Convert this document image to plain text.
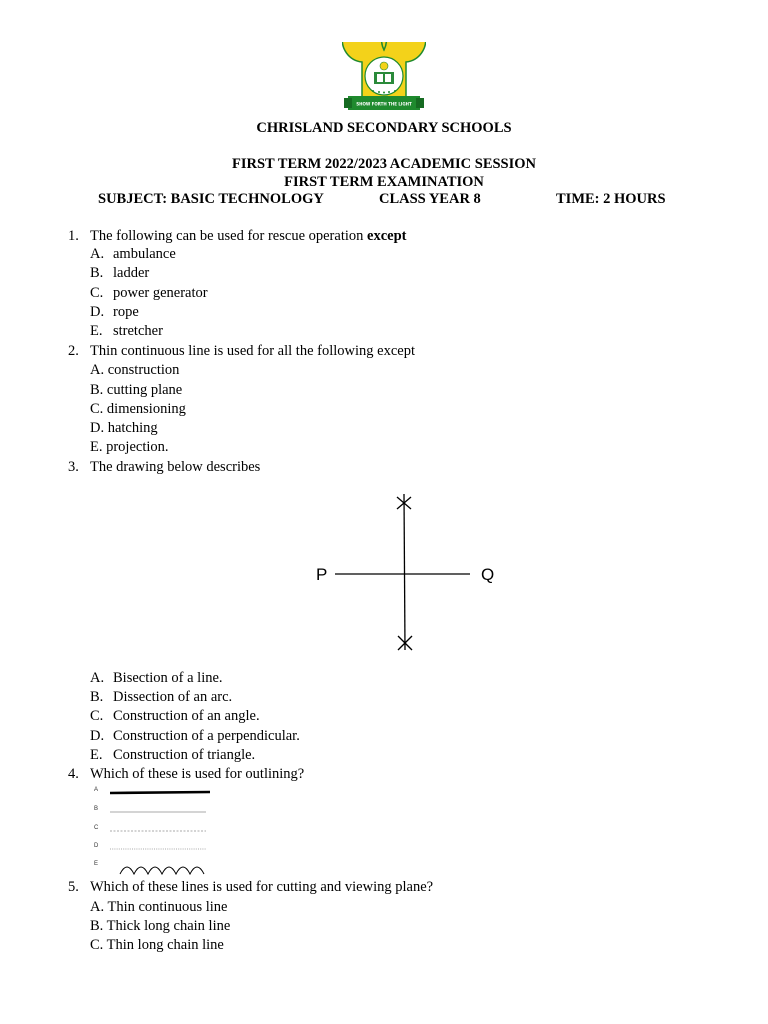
SHOW FORTH THE LIGHT
CHRISLAND SECONDARY SCHOOLS
FIRST TERM 2022/2023 ACADEMIC SESSION
FIRST TERM EXAMINATION
SUBJECT: BASIC TECHNOLOGY	CLASS YEAR 8	TIME: 2 HOURS
1. The following can be used for rescue operation except
A. ambulance
B. ladder
C. power generator
D. rope
E. stretcher
2. Thin continuous line is used for all the following except
A. construction
B. cutting plane
C. dimensioning
D. hatching
E. projection.
3. The drawing below describes
P	Q
A. Bisection of a line.
B. Dissection of an arc.
C. Construction of an angle.
D. Construction of a perpendicular.
E. Construction of triangle.
4. Which of these is used for outlining?
A
B
C
D
E
5. Which of these lines is used for cutting and viewing plane?
A. Thin continuous line
B. Thick long chain line
C. Thin long chain line
